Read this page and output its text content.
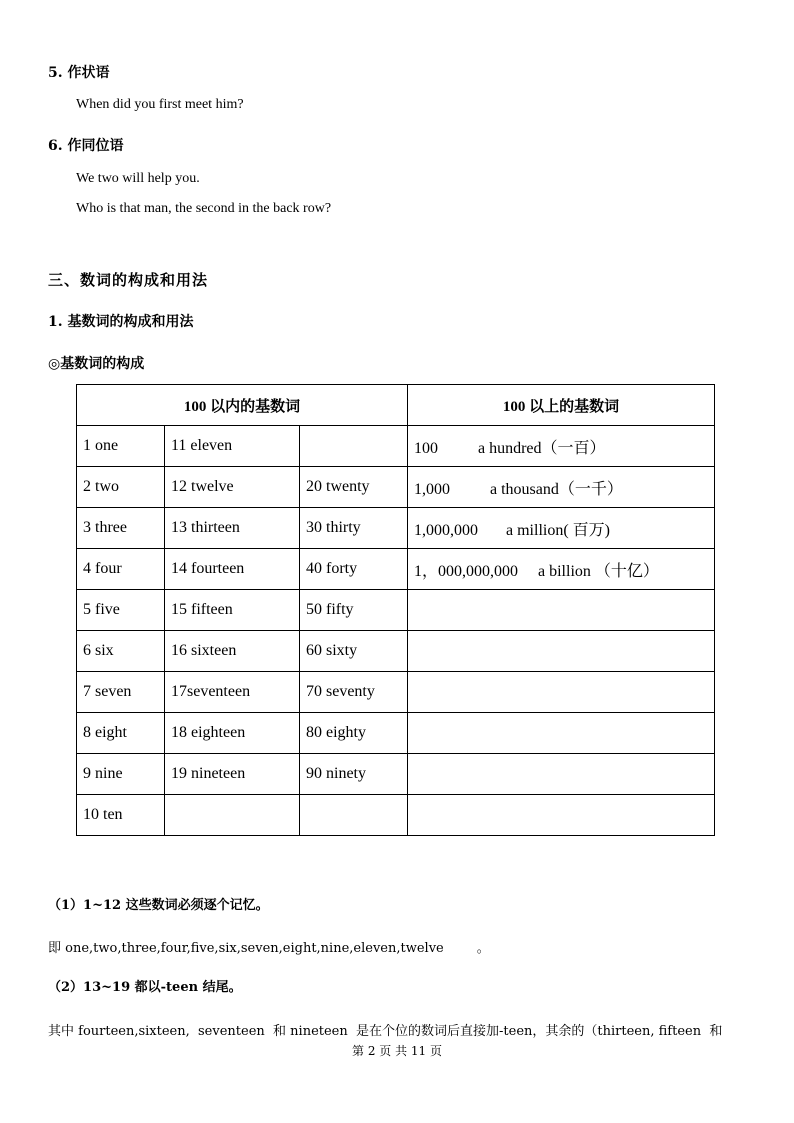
5. 作状语
When did you first meet him?
6. 作同位语
We two will help you.
Who is that man, the second in the back row?
三、数词的构成和用法
1. 基数词的构成和用法
◎基数词的构成
100 以内的基数词			100 以上的基数词
1 one	11 eleven		100          a hundred（一百）
2 two	12 twelve	20 twenty	1,000          a thousand（一千）
3 three	13 thirteen	30 thirty	1,000,000       a million( 百万)
4 four	14 fourteen	40 forty	1，000,000,000     a billion （十亿）
5 five	15 fifteen	50 fifty	
6 six	16 sixteen	60 sixty	
7 seven	17seventeen	70 seventy	
8 eight	18 eighteen	80 eighty	
9 nine	19 nineteen	90 ninety	
10 ten			
（1）1~12 这些数词必须逐个记忆。
即 one,two,three,four,five,six,seven,eight,nine,eleven,twelve        。
（2）13~19 都以-teen 结尾。
其中 fourteen,sixteen,  seventeen  和 nineteen  是在个位的数词后直接加-teen，其余的（thirteen, fifteen  和
第 2 页 共 11 页
